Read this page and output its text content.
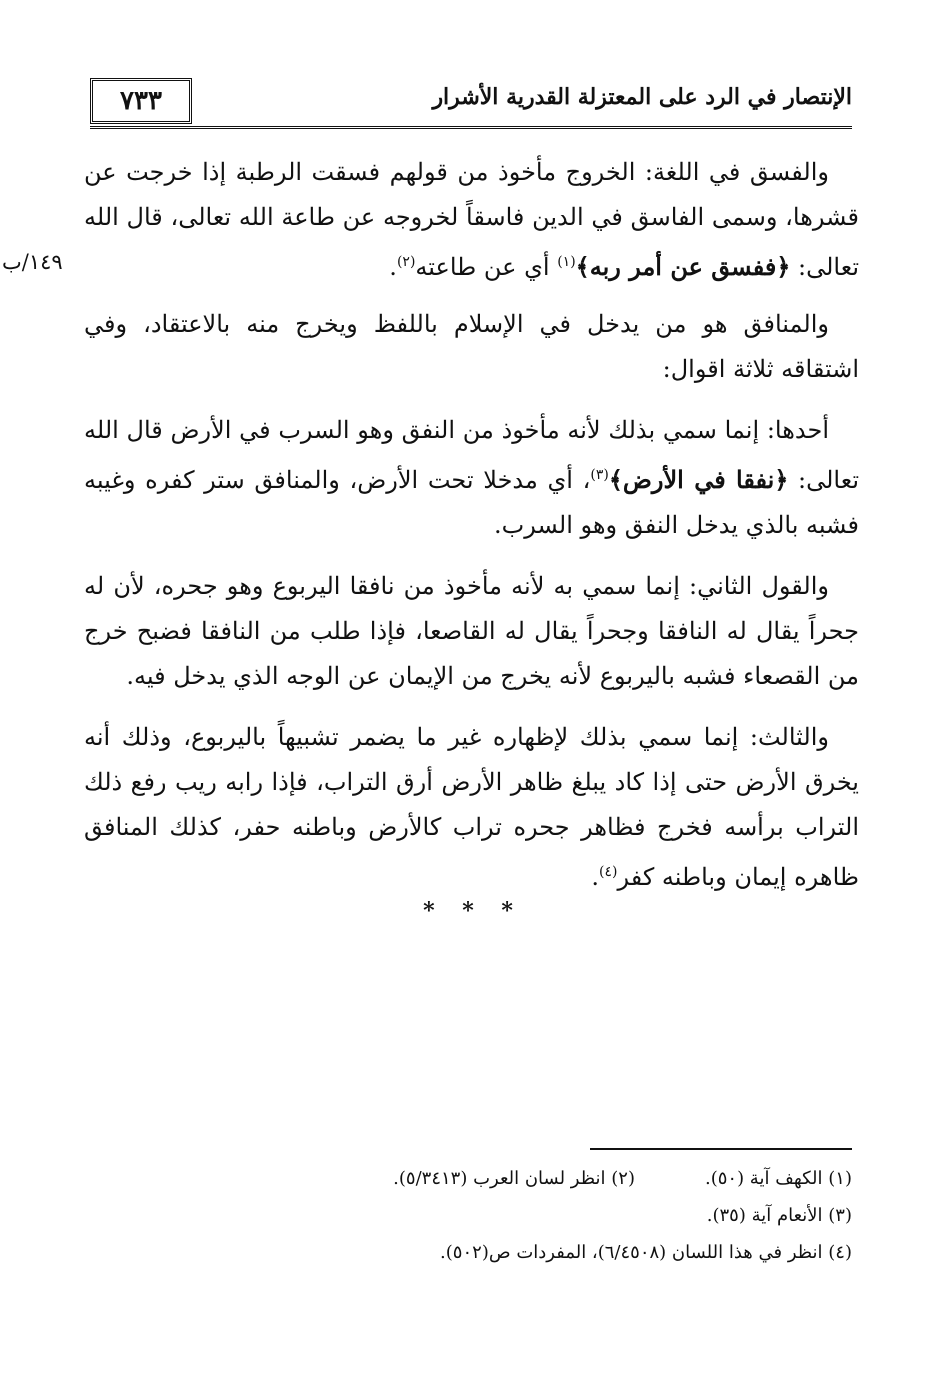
٧٣٣	الإنتصار في الرد على المعتزلة القدرية الأشرار
١٤٩/ب

والفسق في اللغة: الخروج مأخوذ من قولهم فسقت الرطبة إذا خرجت عن قشرها، وسمى الفاسق في الدين فاسقاً لخروجه عن طاعة الله تعالى، قال الله تعالى: ﴿ففسق عن أمر ربه﴾$^{(١)}$ أي عن طاعته$^{(٢)}$.

والمنافق هو من يدخل في الإسلام باللفظ ويخرج منه بالاعتقاد، وفي اشتقاقه ثلاثة اقوال:

أحدها: إنما سمي بذلك لأنه مأخوذ من النفق وهو السرب في الأرض قال الله تعالى: ﴿نفقا في الأرض﴾$^{(٣)}$، أي مدخلا تحت الأرض، والمنافق ستر كفره وغيبه فشبه بالذي يدخل النفق وهو السرب.

والقول الثاني: إنما سمي به لأنه مأخوذ من نافقا اليربوع وهو جحره، لأن له جحراً يقال له النافقا وجحراً يقال له القاصعا، فإذا طلب من النافقا فضبح خرج من القصعاء فشبه باليربوع لأنه يخرج من الإيمان عن الوجه الذي يدخل فيه.

والثالث: إنما سمي بذلك لإظهاره غير ما يضمر تشبيهاً باليربوع، وذلك أنه يخرق الأرض حتى إذا كاد يبلغ ظاهر الأرض أرق التراب، فإذا رابه ريب رفع ذلك التراب برأسه فخرج فظاهر جحره تراب كالأرض وباطنه حفر، كذلك المنافق ظاهره إيمان وباطنه كفر$^{(٤)}$.

* * *
(١) الكهف آية (٥٠).(٢) انظر لسان العرب (٥/٣٤١٣).
(٣) الأنعام آية (٣٥).
(٤) انظر في هذا اللسان (٦/٤٥٠٨)، المفردات ص(٥٠٢).
